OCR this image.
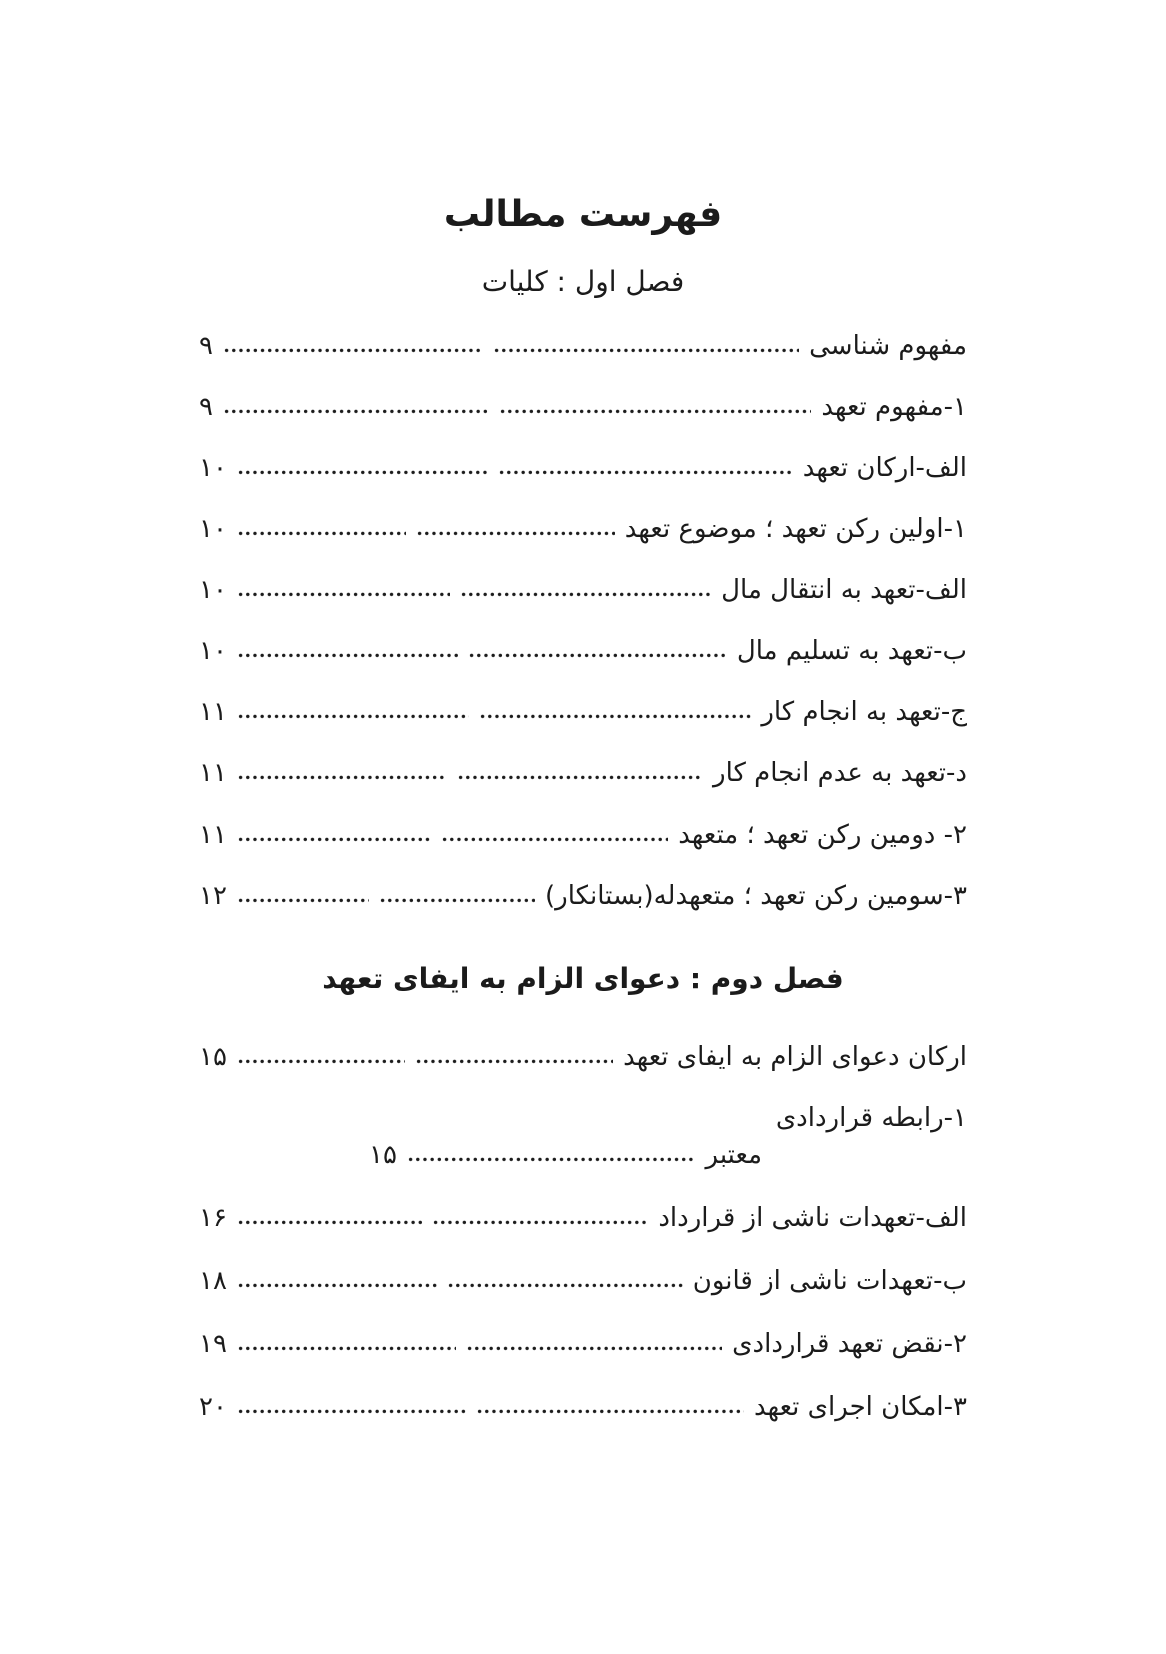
فهرست مطالب
فصل اول : کلیات
مفهوم شناسی
۹
۱-مفهوم تعهد
۹
الف-ارکان تعهد
۱۰
۱-اولین رکن تعهد ؛ موضوع تعهد
۱۰
الف-تعهد به انتقال مال
۱۰
ب-تعهد به تسلیم مال
۱۰
ج-تعهد به انجام کار
۱۱
د-تعهد به عدم انجام کار
۱۱
۲- دومین رکن تعهد ؛ متعهد
۱۱
۳-سومین رکن تعهد ؛ متعهدله(بستانکار)
۱۲
فصل دوم : دعوای الزام به ایفای تعهد
ارکان دعوای الزام به ایفای تعهد
۱۵
۱-رابطه قراردادی
معتبر
۱۵
الف-تعهدات ناشی از قرارداد
۱۶
ب-تعهدات ناشی از قانون
۱۸
۲-نقض تعهد قراردادی
۱۹
۳-امکان اجرای تعهد
۲۰
